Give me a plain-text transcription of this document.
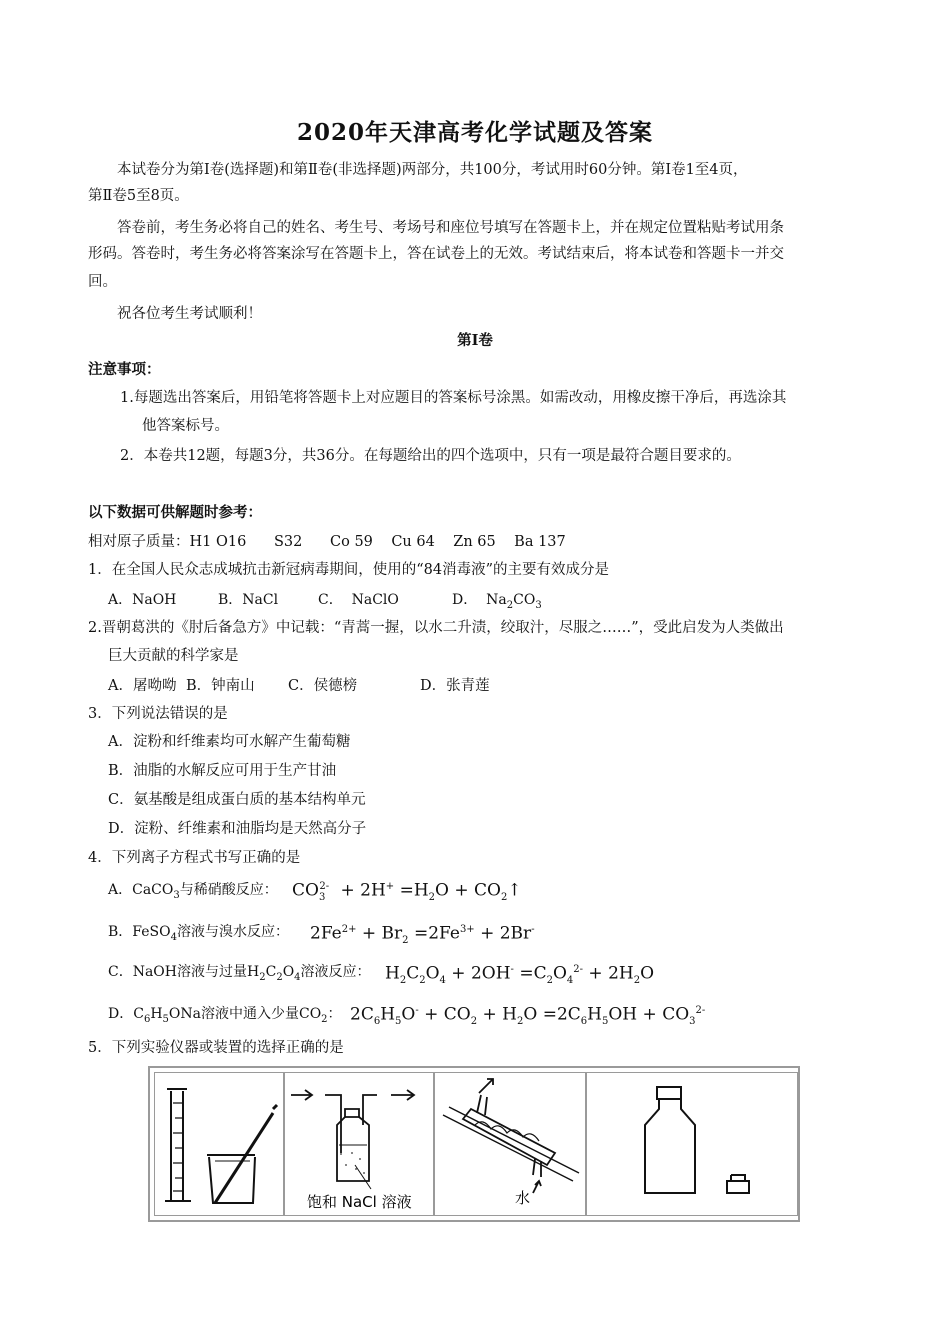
2020年天津高考化学试题及答案
本试卷分为第Ⅰ卷(选择题)和第Ⅱ卷(非选择题)两部分，共100分，考试用时60分钟。第Ⅰ卷1至4页，
第Ⅱ卷5至8页。
答卷前，考生务必将自己的姓名、考生号、考场号和座位号填写在答题卡上，并在规定位置粘贴考试用条
形码。答卷时，考生务必将答案涂写在答题卡上，答在试卷上的无效。考试结束后，将本试卷和答题卡一并交
回。
祝各位考生考试顺利！
第Ⅰ卷
注意事项：
1.每题选出答案后，用铅笔将答题卡上对应题目的答案标号涂黑。如需改动，用橡皮擦干净后，再选涂其
他答案标号。
2．本卷共12题，每题3分，共36分。在每题给出的四个选项中，只有一项是最符合题目要求的。
以下数据可供解题时参考：
相对原子质量：H1 O16      S32      Co 59    Cu 64    Zn 65    Ba 137
1．在全国人民众志成城抗击新冠病毒期间，使用的“84消毒液”的主要有效成分是
A．NaOH	B．NaCl	C．  NaClO	D．  $Na_2CO_3$
2.晋朝葛洪的《肘后备急方》中记载：“青蒿一握，以水二升渍，绞取汁，尽服之……”，受此启发为人类做出
巨大贡献的科学家是
A．屠呦呦 B．钟南山 C．侯德榜	D．张青莲
3．下列说法错误的是
A．淀粉和纤维素均可水解产生葡萄糖
B．油脂的水解反应可用于生产甘油
C．氨基酸是组成蛋白质的基本结构单元
D．淀粉、纤维素和油脂均是天然高分子
4．下列离子方程式书写正确的是
A．CaCO$_3$与稀硝酸反应： $CO_3^{2-} + 2H^+ =H_2O$ + $CO_2↑$
B．FeSO$_4$溶液与溴水反应： $2Fe^{2+} + Br_2 =2Fe^{3+} + 2Br^-$
C．NaOH溶液与过量$H_2C_2O_4$溶液反应： $H_2C_2O_4 + 2OH^- =C_2O_4^{2-} + 2H_2O$
D．$C_6H_5ONa$溶液中通入少量$CO_2$： $2C_6H_5O^- + CO_2 + H_2O =2C_6H_5OH + CO_3^{2-}$
5．下列实验仪器或装置的选择正确的是
饱和 NaCl 溶液	水
